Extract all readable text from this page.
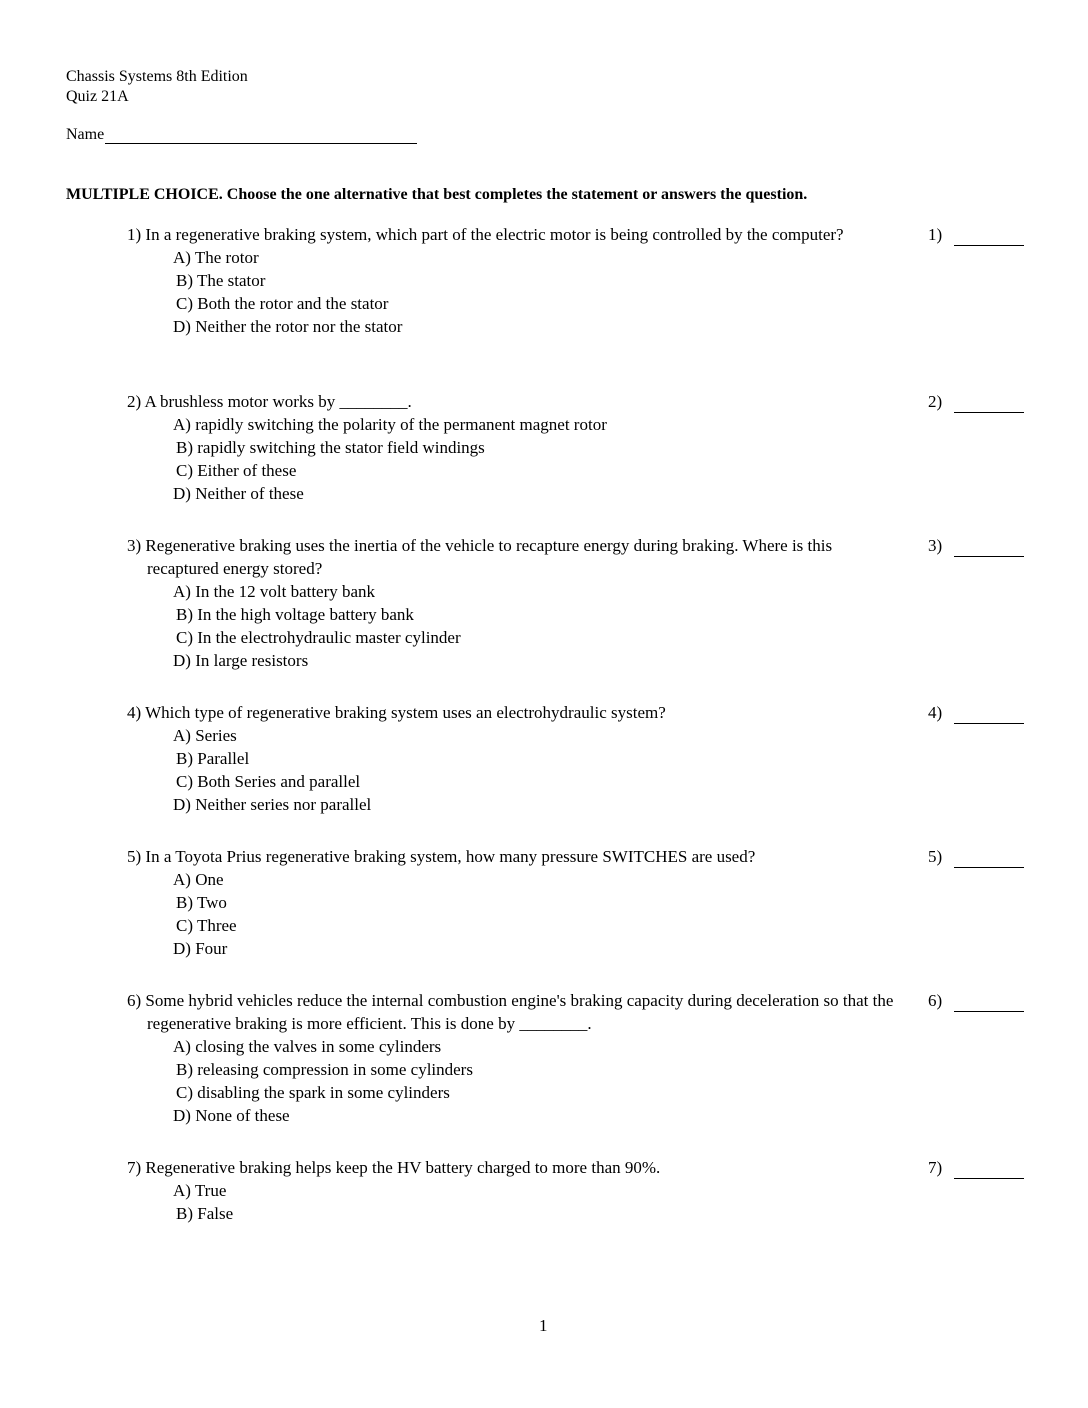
Chassis Systems 8th Edition
Quiz 21A
Name
MULTIPLE CHOICE. Choose the one alternative that best completes the statement or answers the question.
1) In a regenerative braking system, which part of the electric motor is being controlled by the computer?
A) The rotor
B) The stator
C) Both the rotor and the stator
D) Neither the rotor nor the stator
1)
2) A brushless motor works by ________.
A) rapidly switching the polarity of the permanent magnet rotor
B) rapidly switching the stator field windings
C) Either of these
D) Neither of these
2)
3) Regenerative braking uses the inertia of the vehicle to recapture energy during braking. Where is this recaptured energy stored?
A) In the 12 volt battery bank
B) In the high voltage battery bank
C) In the electrohydraulic master cylinder
D) In large resistors
3)
4) Which type of regenerative braking system uses an electrohydraulic system?
A) Series
B) Parallel
C) Both Series and parallel
D) Neither series nor parallel
4)
5) In a Toyota Prius regenerative braking system, how many pressure SWITCHES are used?
A) One
B) Two
C) Three
D) Four
5)
6) Some hybrid vehicles reduce the internal combustion engine's braking capacity during deceleration so that the regenerative braking is more efficient. This is done by ________.
A) closing the valves in some cylinders
B) releasing compression in some cylinders
C) disabling the spark in some cylinders
D) None of these
6)
7) Regenerative braking helps keep the HV battery charged to more than 90%.
A) True
B) False
7)
1
